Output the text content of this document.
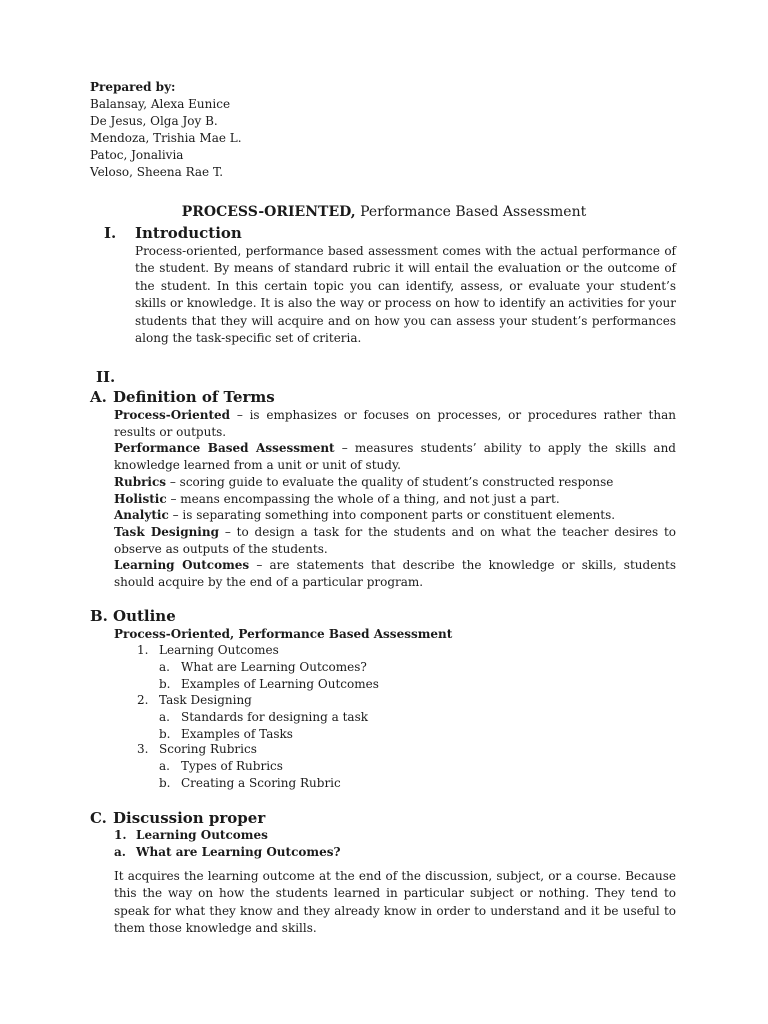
Prepared by:
Balansay, Alexa Eunice
De Jesus, Olga Joy B.
Mendoza, Trishia Mae L.
Patoc, Jonalivia
Veloso, Sheena Rae T.
PROCESS-ORIENTED, Performance Based Assessment
I. Introduction
Process-oriented, performance based assessment comes with the actual performance of the student. By means of standard rubric it will entail the evaluation or the outcome of the student. In this certain topic you can identify, assess, or evaluate your student’s skills or knowledge. It is also the way or process on how to identify an activities for your students that they will acquire and on how you can assess your student’s performances along the task-specific set of criteria.
II.
A. Definition of Terms

Process-Oriented – is emphasizes or focuses on processes, or procedures rather than results or outputs.

Performance Based Assessment – measures students’ ability to apply the skills and knowledge learned from a unit or unit of study.

Rubrics – scoring guide to evaluate the quality of student’s constructed response

Holistic – means encompassing the whole of a thing, and not just a part.

Analytic – is separating something into component parts or constituent elements.

Task Designing – to design a task for the students and on what the teacher desires to observe as outputs of the students.

Learning Outcomes – are statements that describe the knowledge or skills, students should acquire by the end of a particular program.

B. Outline
Process-Oriented, Performance Based Assessment
1. Learning Outcomes
a. What are Learning Outcomes?
b. Examples of Learning Outcomes
2. Task Designing
a. Standards for designing a task
b. Examples of Tasks
3. Scoring Rubrics
a. Types of Rubrics
b. Creating a Scoring Rubric
C. Discussion proper
1. Learning Outcomes
a. What are Learning Outcomes?
It acquires the learning outcome at the end of the discussion, subject, or a course. Because this the way on how the students learned in particular subject or nothing. They tend to speak for what they know and they already know in order to understand and it be useful to them those knowledge and skills.
